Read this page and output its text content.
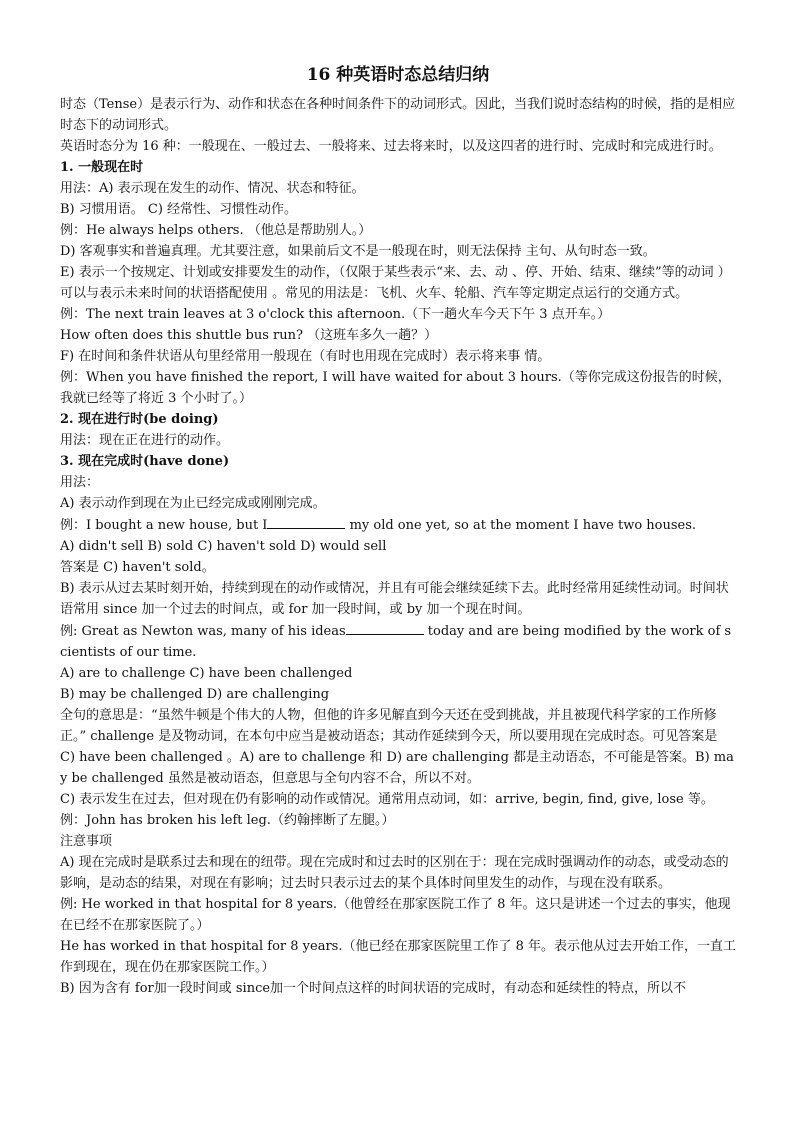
16 种英语时态总结归纳
时态（Tense）是表示行为、动作和状态在各种时间条件下的动词形式。因此，当我们说时态结构的时候，指的是相应时态下的动词形式。
英语时态分为 16 种：一般现在、一般过去、一般将来、过去将来时，以及这四者的进行时、完成时和完成进行时。
1. 一般现在时
用法：A) 表示现在发生的动作、情况、状态和特征。
B) 习惯用语。 C) 经常性、习惯性动作。
例：He always helps others. （他总是帮助别人。）
D) 客观事实和普遍真理。尤其要注意，如果前后文不是一般现在时，则无法保持 主句、从句时态一致。
E) 表示一个按规定、计划或安排要发生的动作，（仅限于某些表示“来、去、动 、停、开始、结束、继续”等的动词 ）可以与表示未来时间的状语搭配使用 。常见的用法是：飞机、火车、轮船、汽车等定期定点运行的交通方式。
例：The next train leaves at 3 o'clock this afternoon.（下一趟火车今天下午 3 点开车。）
How often does this shuttle bus run? （这班车多久一趟？）
F) 在时间和条件状语从句里经常用一般现在（有时也用现在完成时）表示将来事 情。
例：When you have finished the report, I will have waited for about 3 hours.（等你完成这份报告的时候，我就已经等了将近 3 个小时了。）
2. 现在进行时(be doing)
用法：现在正在进行的动作。
3. 现在完成时(have done)
用法：
A) 表示动作到现在为止已经完成或刚刚完成。
例：I bought a new house, but I	my old one yet, so at the moment I have two houses.
A) didn't sell B) sold C) haven't sold D) would sell
答案是 C) haven't sold。
B) 表示从过去某时刻开始，持续到现在的动作或情况，并且有可能会继续延续下去。此时经常用延续性动词。时间状语常用 since 加一个过去的时间点，或 for 加一段时间，或 by 加一个现在时间。
例: Great as Newton was, many of his ideas	today and are being modified by the work of scientists of our time.
A) are to challenge C) have been challenged
B) may be challenged D) are challenging
全句的意思是：“虽然牛顿是个伟大的人物，但他的许多见解直到今天还在受到挑战，并且被现代科学家的工作所修正。” challenge 是及物动词，在本句中应当是被动语态；其动作延续到今天，所以要用现在完成时态。可见答案是 C) have been challenged 。A) are to challenge 和 D) are challenging 都是主动语态，不可能是答案。B) may be challenged 虽然是被动语态，但意思与全句内容不合，所以不对。
C) 表示发生在过去，但对现在仍有影响的动作或情况。通常用点动词，如：arrive, begin, find, give, lose 等。
例：John has broken his left leg.（约翰摔断了左腿。）
注意事项
A) 现在完成时是联系过去和现在的纽带。现在完成时和过去时的区别在于：现在完成时强调动作的动态，或受动态的影响，是动态的结果，对现在有影响；过去时只表示过去的某个具体时间里发生的动作，与现在没有联系。
例: He worked in that hospital for 8 years.（他曾经在那家医院工作了 8 年。这只是讲述一个过去的事实，他现在已经不在那家医院了。）
He has worked in that hospital for 8 years.（他已经在那家医院里工作了 8 年。表示他从过去开始工作，一直工作到现在，现在仍在那家医院工作。）
B) 因为含有 for加一段时间或 since加一个时间点这样的时间状语的完成时，有动态和延续性的特点，所以不
